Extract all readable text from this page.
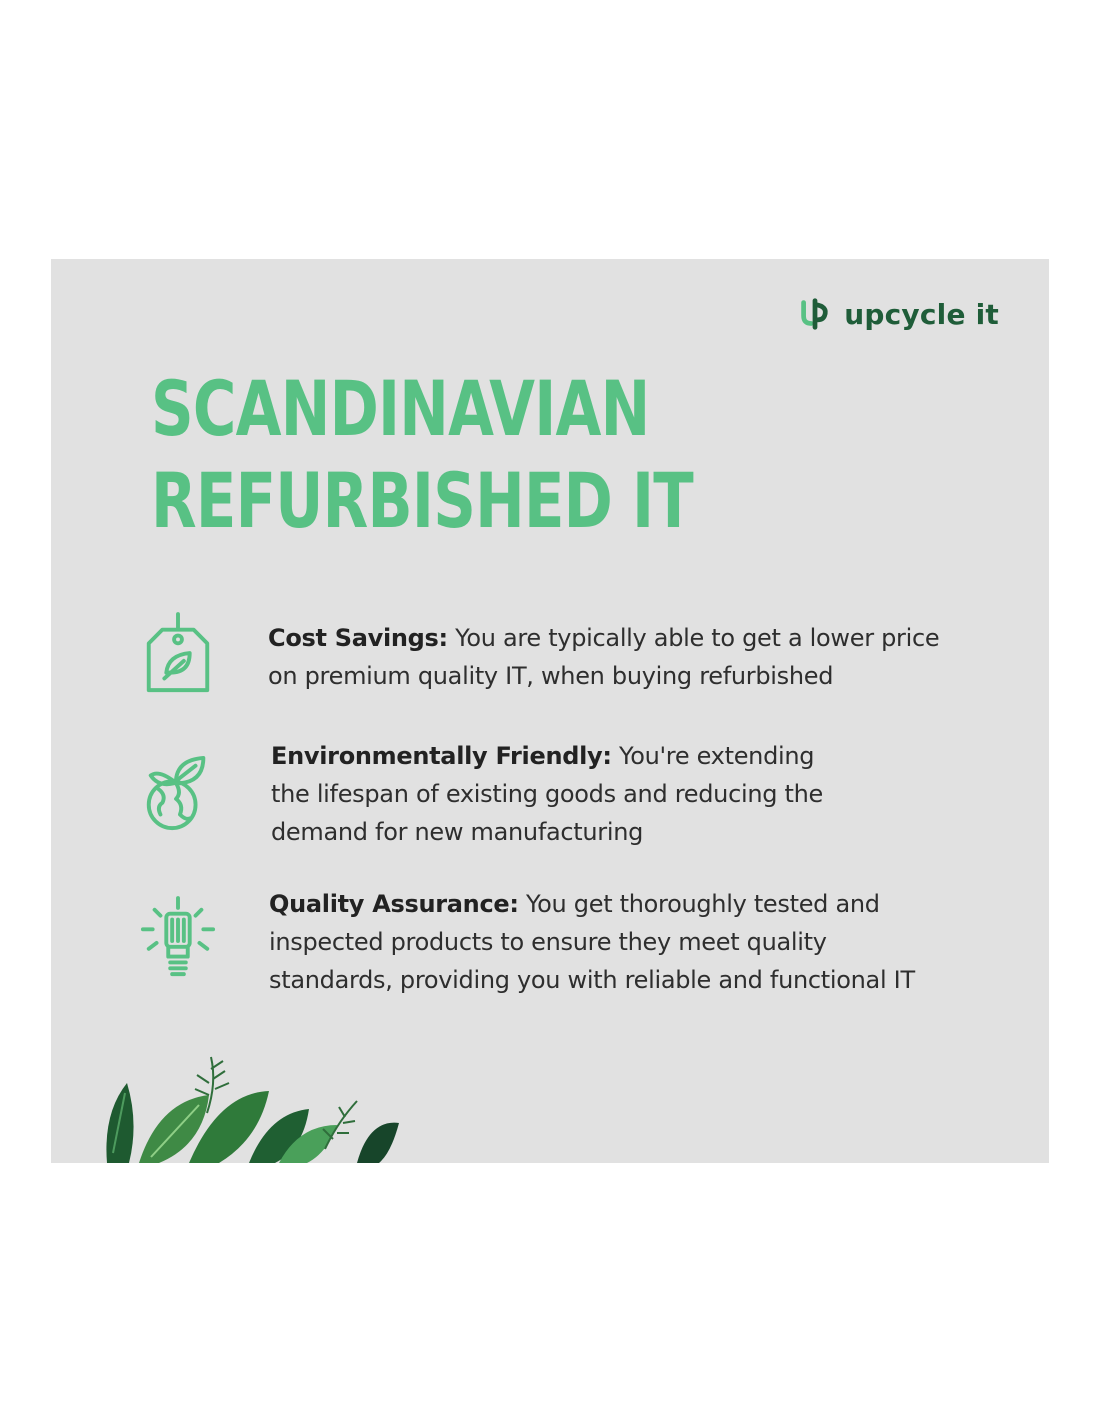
upcycle it
SCANDINAVIAN
REFURBISHED IT

Cost Savings: You are typically able to get a lower price
on premium quality IT, when buying refurbished

Environmentally Friendly: You're extending
the lifespan of existing goods and reducing the
demand for new manufacturing

Quality Assurance: You get thoroughly tested and
inspected products to ensure they meet quality
standards, providing you with reliable and functional IT
